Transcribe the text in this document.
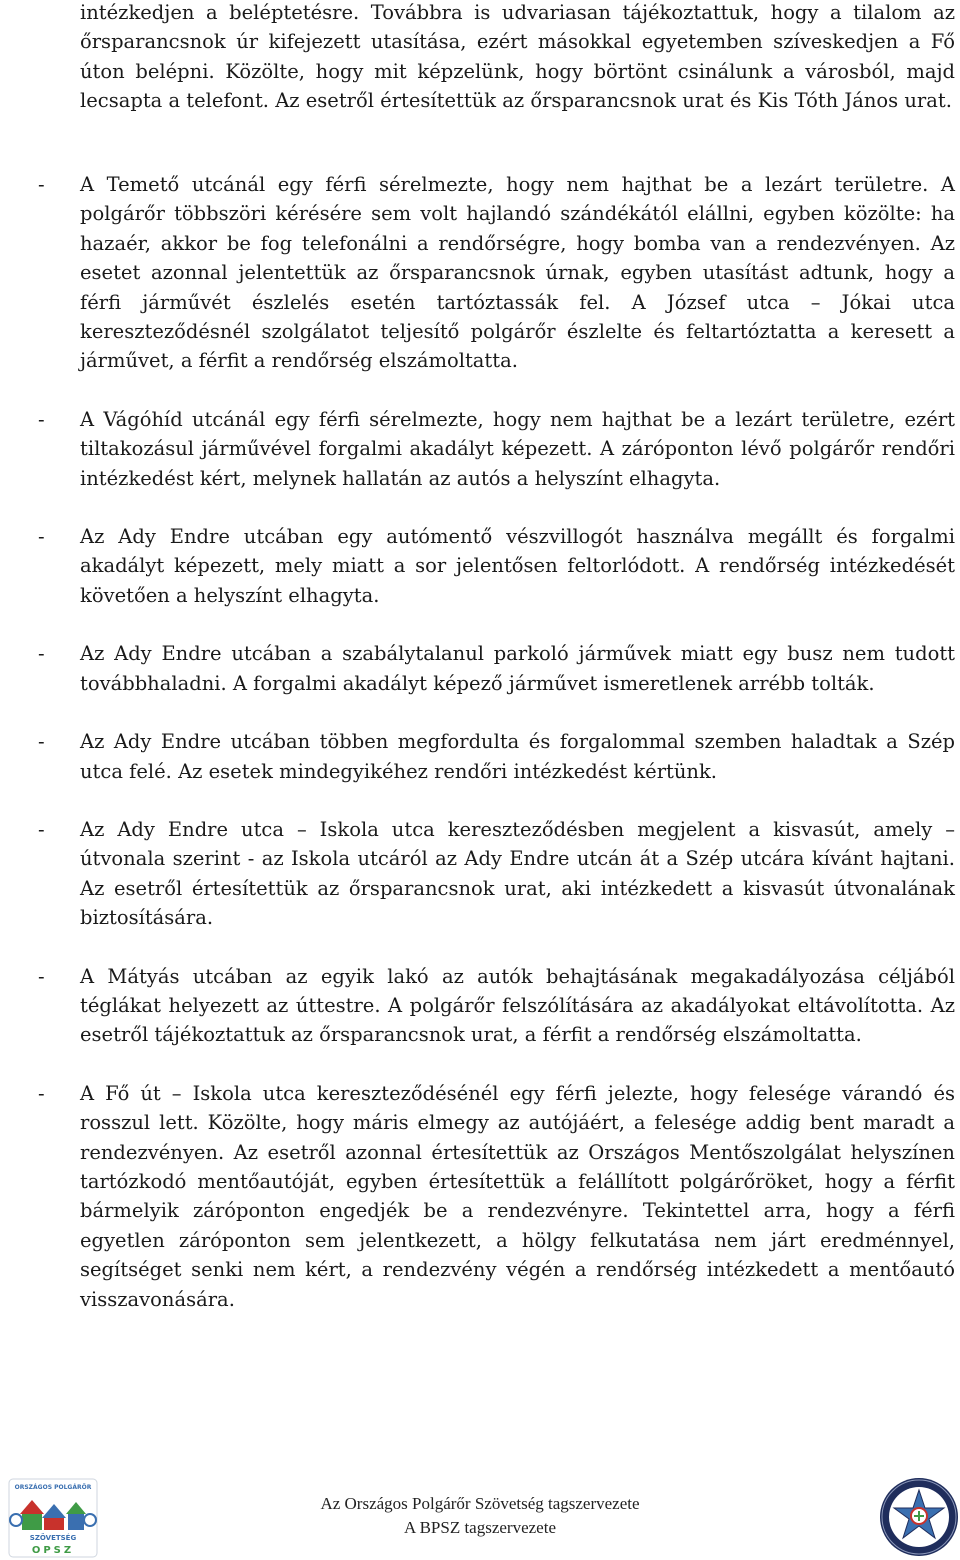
intézkedjen a beléptetésre. Továbbra is udvariasan tájékoztattuk, hogy a tilalom az őrsparancsnok úr kifejezett utasítása, ezért másokkal egyetemben szíveskedjen a Fő úton belépni. Közölte, hogy mit képzelünk, hogy börtönt csinálunk a városból, majd lecsapta a telefont. Az esetről értesítettük az őrsparancsnok urat és Kis Tóth János urat.

-	A Temető utcánál egy férfi sérelmezte, hogy nem hajthat be a lezárt területre. A polgárőr többszöri kérésére sem volt hajlandó szándékától elállni, egyben közölte: ha hazaér, akkor be fog telefonálni a rendőrségre, hogy bomba van a rendezvényen. Az esetet azonnal jelentettük az őrsparancsnok úrnak, egyben utasítást adtunk, hogy a férfi járművét észlelés esetén tartóztassák fel. A József utca – Jókai utca kereszteződésnél szolgálatot teljesítő polgárőr észlelte és feltartóztatta a keresett a járművet, a férfit a rendőrség elszámoltatta.

-	A Vágóhíd utcánál egy férfi sérelmezte, hogy nem hajthat be a lezárt területre, ezért tiltakozásul járművével forgalmi akadályt képezett. A záróponton lévő polgárőr rendőri intézkedést kért, melynek hallatán az autós a helyszínt elhagyta.

-	Az Ady Endre utcában egy autómentő vészvillogót használva megállt és forgalmi akadályt képezett, mely miatt a sor jelentősen feltorlódott. A rendőrség intézkedését követően a helyszínt elhagyta.

-	Az Ady Endre utcában a szabálytalanul parkoló járművek miatt egy busz nem tudott továbbhaladni. A forgalmi akadályt képező járművet ismeretlenek arrébb tolták.

-	Az Ady Endre utcában többen megfordulta és forgalommal szemben haladtak a Szép utca felé. Az esetek mindegyikéhez rendőri intézkedést kértünk.

-	Az Ady Endre utca – Iskola utca kereszteződésben megjelent a kisvasút, amely – útvonala szerint - az Iskola utcáról az Ady Endre utcán át a Szép utcára kívánt hajtani. Az esetről értesítettük az őrsparancsnok urat, aki intézkedett a kisvasút útvonalának biztosítására.

-	A Mátyás utcában az egyik lakó az autók behajtásának megakadályozása céljából téglákat helyezett az úttestre. A polgárőr felszólítására az akadályokat eltávolította. Az esetről tájékoztattuk az őrsparancsnok urat, a férfit a rendőrség elszámoltatta.

-	A Fő út – Iskola utca kereszteződésénél egy férfi jelezte, hogy felesége várandó és rosszul lett. Közölte, hogy máris elmegy az autójáért, a felesége addig bent maradt a rendezvényen. Az esetről azonnal értesítettük az Országos Mentőszolgálat helyszínen tartózkodó mentőautóját, egyben értesítettük a felállított polgárőröket, hogy a férfit bármelyik záróponton engedjék be a rendezvényre. Tekintettel arra, hogy a férfi egyetlen záróponton sem jelentkezett, a hölgy felkutatása nem járt eredménnyel, segítséget senki nem kért, a rendezvény végén a rendőrség intézkedett a mentőautó visszavonására.

ORSZÁGOS POLGÁRŐR
SZÖVETSÉG
OPSZ
Az Országos Polgárőr Szövetség tagszervezete
A BPSZ tagszervezete
